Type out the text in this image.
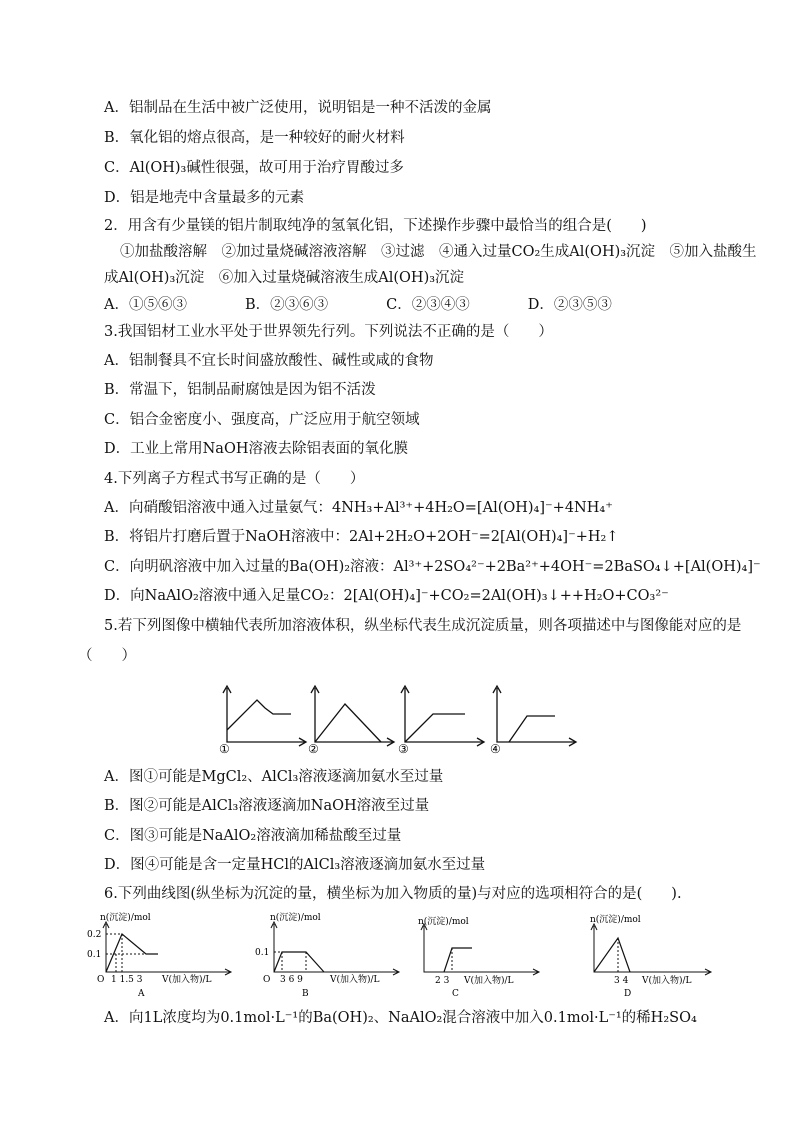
A．铝制品在生活中被广泛使用，说明铝是一种不活泼的金属
B．氧化铝的熔点很高，是一种较好的耐火材料
C．Al(OH)₃碱性很强，故可用于治疗胃酸过多
D．铝是地壳中含量最多的元素
2．用含有少量镁的铝片制取纯净的氢氧化铝，下述操作步骤中最恰当的组合是(　　)
①加盐酸溶解　②加过量烧碱溶液溶解　③过滤　④通入过量CO₂生成Al(OH)₃沉淀　⑤加入盐酸生
成Al(OH)₃沉淀　⑥加入过量烧碱溶液生成Al(OH)₃沉淀
A．①⑤⑥③　　　　B．②③⑥③　　　　C．②③④③　　　　D．②③⑤③
3.我国铝材工业水平处于世界领先行列。下列说法不正确的是（　　）
A．铝制餐具不宜长时间盛放酸性、碱性或咸的食物
B．常温下，铝制品耐腐蚀是因为铝不活泼
C．铝合金密度小、强度高，广泛应用于航空领域
D．工业上常用NaOH溶液去除铝表面的氧化膜
4.下列离子方程式书写正确的是（　　）
A．向硝酸铝溶液中通入过量氨气：4NH₃+Al³⁺+4H₂O=[Al(OH)₄]⁻+4NH₄⁺
B．将铝片打磨后置于NaOH溶液中：2Al+2H₂O+2OH⁻=2[Al(OH)₄]⁻+H₂↑
C．向明矾溶液中加入过量的Ba(OH)₂溶液：Al³⁺+2SO₄²⁻+2Ba²⁺+4OH⁻=2BaSO₄↓+[Al(OH)₄]⁻
D．向NaAlO₂溶液中通入足量CO₂：2[Al(OH)₄]⁻+CO₂=2Al(OH)₃↓++H₂O+CO₃²⁻
5.若下列图像中横轴代表所加溶液体积，纵坐标代表生成沉淀质量，则各项描述中与图像能对应的是
（　　）
①	②	③	④
A．图①可能是MgCl₂、AlCl₃溶液逐滴加氨水至过量
B．图②可能是AlCl₃溶液逐滴加NaOH溶液至过量
C．图③可能是NaAlO₂溶液滴加稀盐酸至过量
D．图④可能是含一定量HCl的AlCl₃溶液逐滴加氨水至过量
6.下列曲线图(纵坐标为沉淀的量，横坐标为加入物质的量)与对应的选项相符合的是(　　).
n(沉淀)/mol
0.2
0.1
O 1 1.5 3 V(加入物)/L
A
n(沉淀)/mol
0.1
O 3 6 9	V(加入物)/L
B
n(沉淀)/mol
2 3 V(加入物)/L
C
n(沉淀)/mol
3 4 V(加入物)/L
D
A．向1L浓度均为0.1mol·L⁻¹的Ba(OH)₂、NaAlO₂混合溶液中加入0.1mol·L⁻¹的稀H₂SO₄
